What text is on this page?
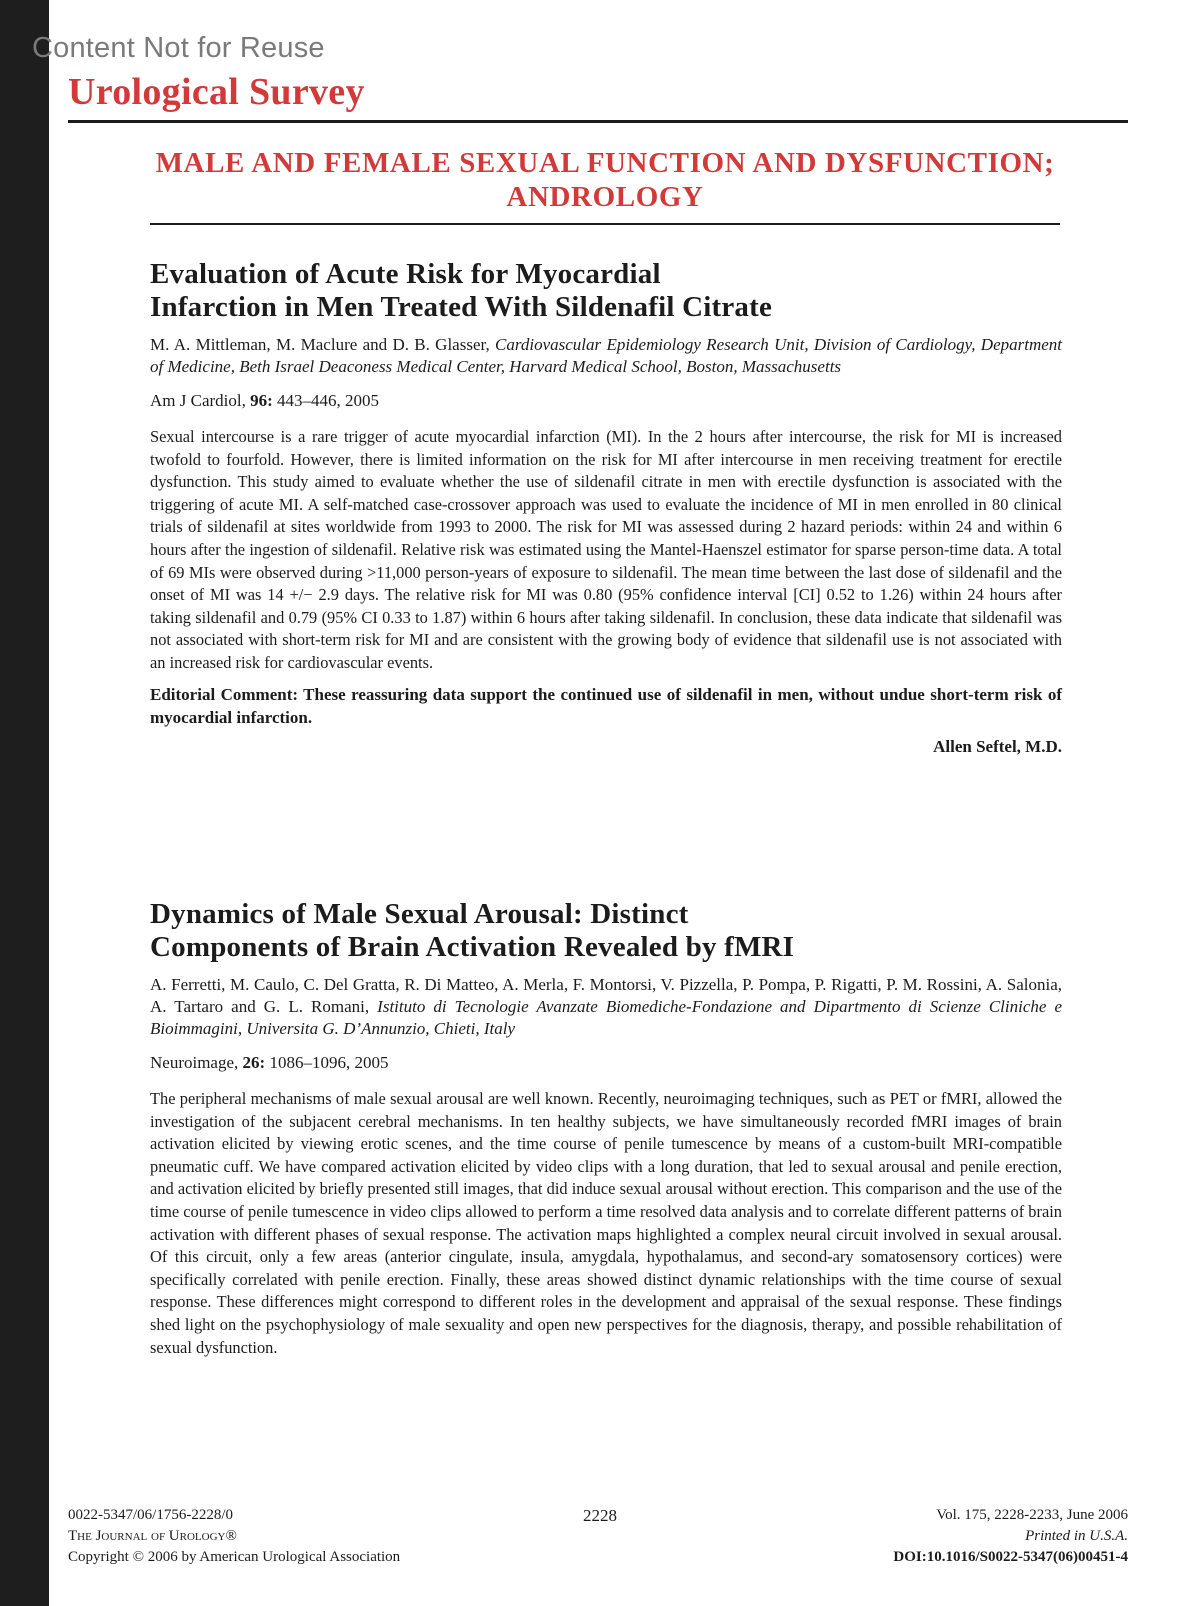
Content Not for Reuse
Urological Survey
MALE AND FEMALE SEXUAL FUNCTION AND DYSFUNCTION; ANDROLOGY
Evaluation of Acute Risk for Myocardial
Infarction in Men Treated With Sildenafil Citrate

M. A. Mittleman, M. Maclure and D. B. Glasser, Cardiovascular Epidemiology Research Unit, Division of Cardiology, Department of Medicine, Beth Israel Deaconess Medical Center, Harvard Medical School, Boston, Massachusetts

Am J Cardiol, 96: 443–446, 2005

Sexual intercourse is a rare trigger of acute myocardial infarction (MI). In the 2 hours after intercourse, the risk for MI is increased twofold to fourfold. However, there is limited information on the risk for MI after intercourse in men receiving treatment for erectile dysfunction. This study aimed to evaluate whether the use of sildenafil citrate in men with erectile dysfunction is associated with the triggering of acute MI. A self-matched case-crossover approach was used to evaluate the incidence of MI in men enrolled in 80 clinical trials of sildenafil at sites worldwide from 1993 to 2000. The risk for MI was assessed during 2 hazard periods: within 24 and within 6 hours after the ingestion of sildenafil. Relative risk was estimated using the Mantel-Haenszel estimator for sparse person-time data. A total of 69 MIs were observed during >11,000 person-years of exposure to sildenafil. The mean time between the last dose of sildenafil and the onset of MI was 14 +/− 2.9 days. The relative risk for MI was 0.80 (95% confidence interval [CI] 0.52 to 1.26) within 24 hours after taking sildenafil and 0.79 (95% CI 0.33 to 1.87) within 6 hours after taking sildenafil. In conclusion, these data indicate that sildenafil was not associated with short-term risk for MI and are consistent with the growing body of evidence that sildenafil use is not associated with an increased risk for cardiovascular events.

Editorial Comment: These reassuring data support the continued use of sildenafil in men, without undue short-term risk of myocardial infarction.

Allen Seftel, M.D.

Dynamics of Male Sexual Arousal: Distinct
Components of Brain Activation Revealed by fMRI

A. Ferretti, M. Caulo, C. Del Gratta, R. Di Matteo, A. Merla, F. Montorsi, V. Pizzella, P. Pompa, P. Rigatti, P. M. Rossini, A. Salonia, A. Tartaro and G. L. Romani, Istituto di Tecnologie Avanzate Biomediche-Fondazione and Dipartmento di Scienze Cliniche e Bioimmagini, Universita G. D’Annunzio, Chieti, Italy

Neuroimage, 26: 1086–1096, 2005

The peripheral mechanisms of male sexual arousal are well known. Recently, neuroimaging techniques, such as PET or fMRI, allowed the investigation of the subjacent cerebral mechanisms. In ten healthy subjects, we have simultaneously recorded fMRI images of brain activation elicited by viewing erotic scenes, and the time course of penile tumescence by means of a custom-built MRI-compatible pneumatic cuff. We have compared activation elicited by video clips with a long duration, that led to sexual arousal and penile erection, and activation elicited by briefly presented still images, that did induce sexual arousal without erection. This comparison and the use of the time course of penile tumescence in video clips allowed to perform a time resolved data analysis and to correlate different patterns of brain activation with different phases of sexual response. The activation maps highlighted a complex neural circuit involved in sexual arousal. Of this circuit, only a few areas (anterior cingulate, insula, amygdala, hypothalamus, and second-ary somatosensory cortices) were specifically correlated with penile erection. Finally, these areas showed distinct dynamic relationships with the time course of sexual response. These differences might correspond to different roles in the development and appraisal of the sexual response. These findings shed light on the psychophysiology of male sexuality and open new perspectives for the diagnosis, therapy, and possible rehabilitation of sexual dysfunction.

0022-5347/06/1756-2228/0
The Journal of Urology®
Copyright © 2006 by American Urological Association
2228	Vol. 175, 2228-2233, June 2006
Printed in U.S.A.
DOI:10.1016/S0022-5347(06)00451-4
